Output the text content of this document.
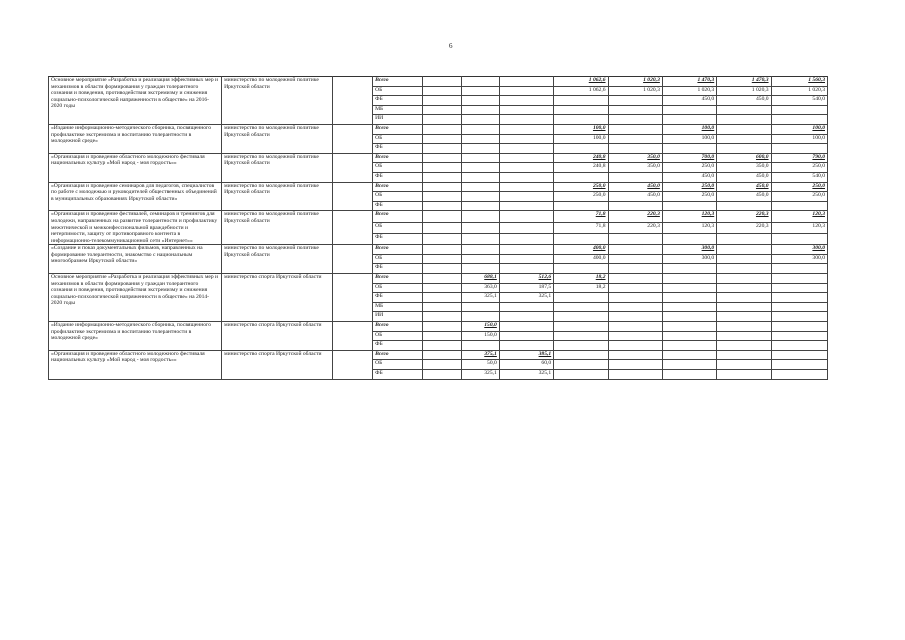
6
Основное мероприятие «Разработка и реализация эффективных мер и механизмов в области формирования у граждан толерантного сознания и поведения, противодействия экстремизму и снижения социально-психологической напряженности в обществе» на 2016-2020 годы	министерство по молодежной политике Иркутской области		Всего				1 062,6	1 020,3	1 470,3	1 470,3	1 560,3
			ОБ				1 062,6	1 020,3	1 020,3	1 020,3	1 020,3
			ФБ						450,0	450,0	540,0
			МБ								
			ИИ								
«Издание информационно-методического сборника, посвященного профилактике экстремизма и воспитанию толерантности в молодежной среде»	министерство по молодежной политике Иркутской области		Всего				100,0		100,0		100,0
			ОБ				100,0		100,0		100,0
			ФБ								
«Организация и проведение областного молодежного фестиваля национальных культур «Мой народ - моя гордость»»	министерство по молодежной политике Иркутской области		Всего				240,8	350,0	700,0	600,0	790,0
			ОБ				240,8	350,0	250,0	350,0	250,0
			ФБ						450,0	450,0	540,0
«Организация и проведение семинаров для педагогов, специалистов по работе с молодежью и руководителей общественных объединений в муниципальных образованиях Иркутской области»	министерство по молодежной политике Иркутской области		Всего				250,0	450,0	250,0	450,0	250,0
			ОБ				250,0	450,0	250,0	450,0	250,0
			ФБ								
«Организация и проведение фестивалей, семинаров и тренингов для молодежи, направленных на развитие толерантности и профилактику межэтнической и межконфессиональной враждебности и нетерпимости, защиту от противоправного контента в информационно-телекоммуникационной сети «Интернет»»	министерство по молодежной политике Иркутской области		Всего				71,8	220,3	120,3	220,3	120,3
			ОБ				71,8	220,3	120,3	220,3	120,3
			ФБ								
«Создание и показ документальных фильмов, направленных на формирование толерантности, знакомство с национальным многообразием Иркутской области»	министерство по молодежной политике Иркутской области		Всего				400,0		300,0		300,0
			ОБ				400,0		300,0		300,0
			ФБ								
Основное мероприятие «Разработка и реализация эффективных мер и механизмов в области формирования у граждан толерантного сознания и поведения, противодействия экстремизму и снижения социально-психологической напряженности в обществе» на 2014-2020 годы	министерство спорта Иркутской области		Всего		688,1	512,6	18,2				
			ОБ		363,0	187,5	18,2				
			ФБ		325,1	325,1					
			МБ								
			ИИ								
«Издание информационно-методического сборника, посвященного профилактике экстремизма и воспитанию толерантности в молодежной среде»	министерство спорта Иркутской области		Всего		150,0						
			ОБ		150,0						
			ФБ								
«Организация и проведение областного молодежного фестиваля национальных культур «Мой народ - моя гордость»»	министерство спорта Иркутской области		Всего		375,1	385,1					
			ОБ		50,0	60,0					
			ФБ		325,1	325,1					
